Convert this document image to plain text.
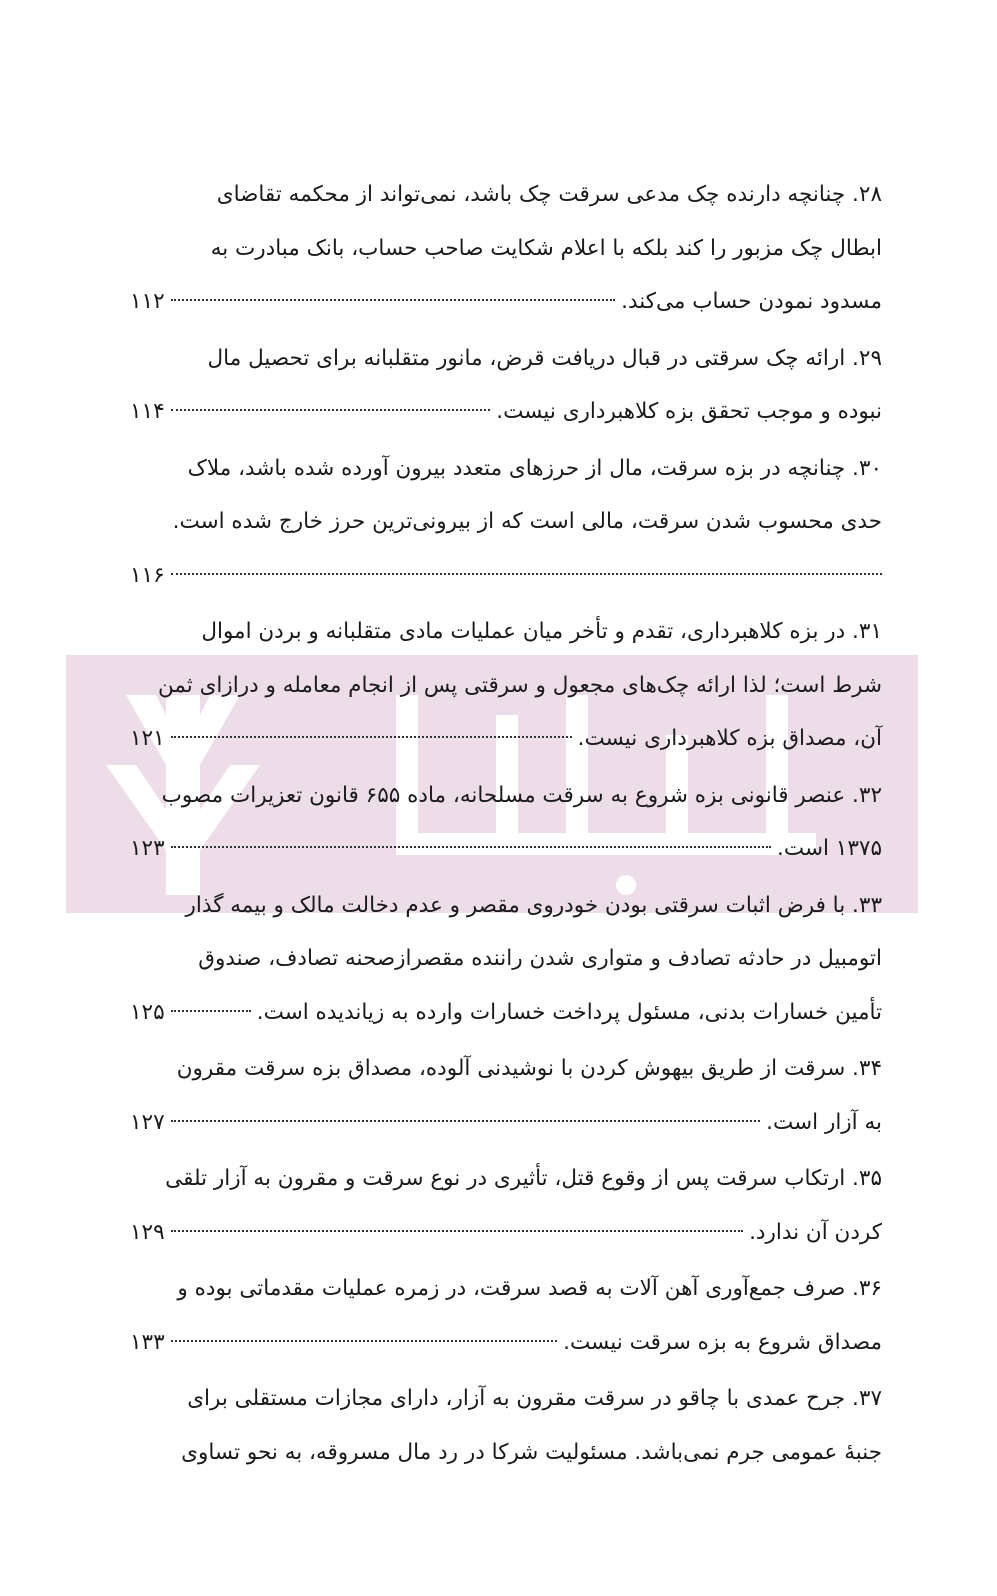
۲۸. چنانچه دارنده چک مدعی سرقت چک باشد، نمی‌تواند از محکمه تقاضای
ابطال چک مزبور را کند بلکه با اعلام شکایت صاحب حساب، بانک مبادرت به
مسدود نمودن حساب می‌کند.
۱۱۲
۲۹. ارائه چک سرقتی در قبال دریافت قرض، مانور متقلبانه برای تحصیل مال
نبوده و موجب تحقق بزه کلاهبرداری نیست.
۱۱۴
۳۰. چنانچه در بزه سرقت، مال از حرزهای متعدد بیرون آورده شده باشد، ملاک
حدی محسوب شدن سرقت، مالی است که از بیرونی‌ترین حرز خارج شده است.
۱۱۶
۳۱. در بزه کلاهبرداری، تقدم و تأخر میان عملیات مادی متقلبانه و بردن اموال
شرط است؛ لذا ارائه چک‌های مجعول و سرقتی پس از انجام معامله و درازای ثمن
آن، مصداق بزه کلاهبرداری نیست.
۱۲۱
۳۲. عنصر قانونی بزه شروع به سرقت مسلحانه، ماده ۶۵۵ قانون تعزیرات مصوب
۱۳۷۵ است.
۱۲۳
۳۳. با فرض اثبات سرقتی بودن خودروی مقصر و عدم دخالت مالک و بیمه گذار
اتومبیل در حادثه تصادف و متواری شدن راننده مقصرازصحنه تصادف، صندوق
تأمین خسارات بدنی، مسئول پرداخت خسارات وارده به زیاندیده است.
۱۲۵
۳۴. سرقت از طریق بیهوش کردن با نوشیدنی آلوده، مصداق بزه سرقت مقرون
به آزار است.
۱۲۷
۳۵. ارتکاب سرقت پس از وقوع قتل، تأثیری در نوع سرقت و مقرون به آزار تلقی
کردن آن ندارد.
۱۲۹
۳۶. صرف جمع‌آوری آهن آلات به قصد سرقت، در زمره عملیات مقدماتی بوده و
مصداق شروع به بزه سرقت نیست.
۱۳۳
۳۷. جرح عمدی با چاقو در سرقت مقرون به آزار، دارای مجازات مستقلی برای
جنبهٔ عمومی جرم نمی‌باشد. مسئولیت شرکا در رد مال مسروقه، به نحو تساوی
